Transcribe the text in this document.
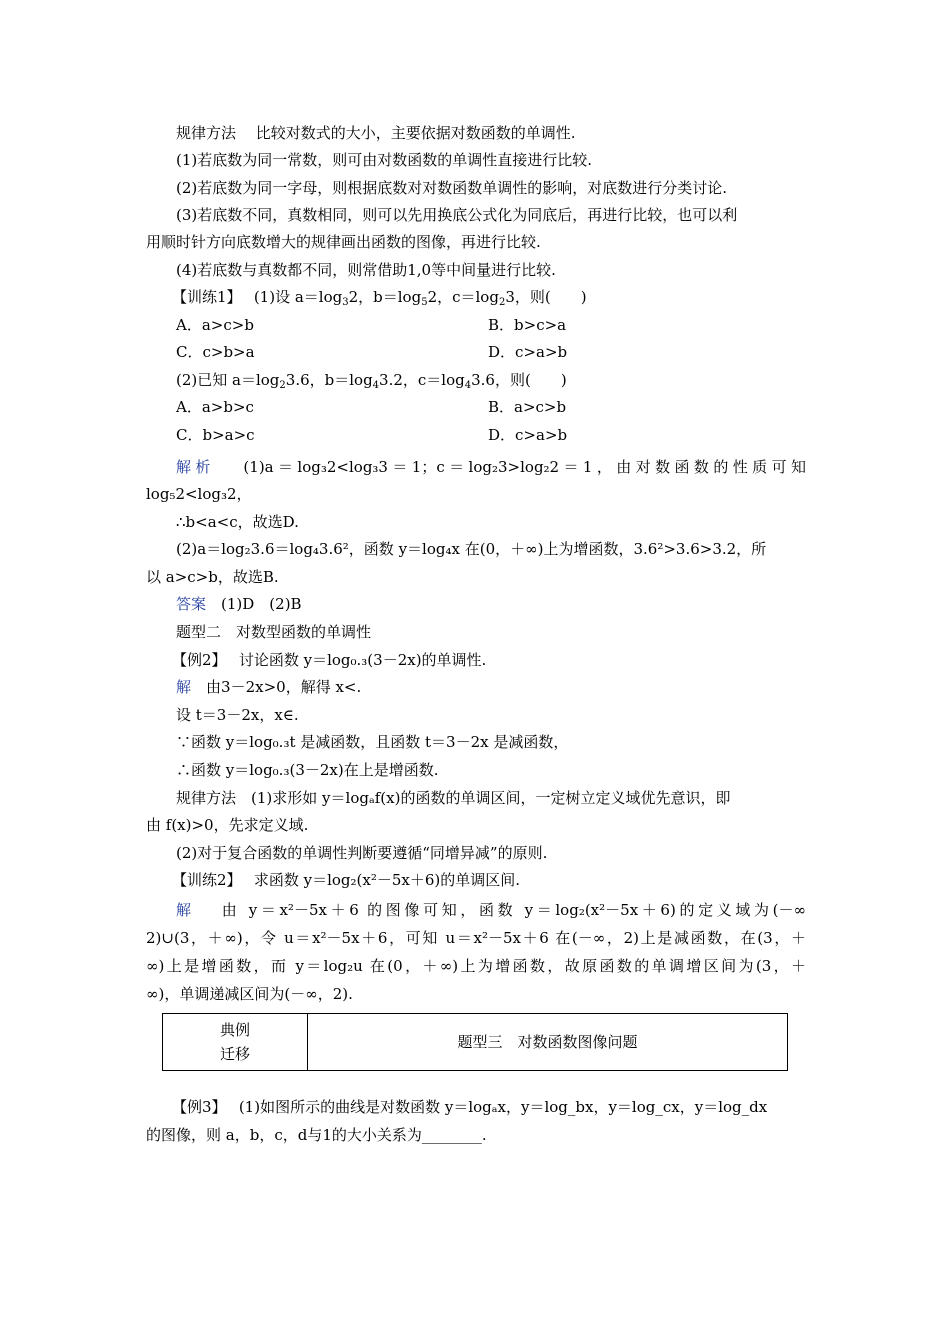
规律方法　 比较对数式的大小，主要依据对数函数的单调性.
(1)若底数为同一常数，则可由对数函数的单调性直接进行比较.
(2)若底数为同一字母，则根据底数对对数函数单调性的影响，对底数进行分类讨论.
(3)若底数不同，真数相同，则可以先用换底公式化为同底后，再进行比较，也可以利
用顺时针方向底数增大的规律画出函数的图像，再进行比较.
(4)若底数与真数都不同，则常借助1,0等中间量进行比较.
【训练1】　 (1)设 $a=\log_32$，$b=\log_52$，$c=\log_23$，则(　　)
A．a>c>b	B．b>c>a
C．c>b>a	D．c>a>b
(2)已知 $a=\log_23.6$，$b=\log_43.2$，$c=\log_43.6$，则(　　)
A．a>b>c	B．a>c>b
C．b>a>c	D．c>a>b
解析　 (1)a＝log₃2<log₃3＝1；c＝log₂3>log₂2＝1，由对数函数的性质可知
log₅2<log₃2，
∴b<a<c，故选D.
(2)a＝log₂3.6＝log₄3.6²，函数 y＝log₄x 在(0，＋∞)上为增函数，3.6²>3.6>3.2，所
以 a>c>b，故选B.
答案　 (1)D　(2)B
题型二　对数型函数的单调性
【例2】　 讨论函数 y＝log₀.₃(3－2x)的单调性.
解　 由3－2x>0，解得 x<.
设 t＝3－2x，x∈.
∵函数 y＝log₀.₃t 是减函数，且函数 t＝3－2x 是减函数，
∴函数 y＝log₀.₃(3－2x)在上是增函数.
规律方法　 (1)求形如 y＝logₐf(x)的函数的单调区间，一定树立定义域优先意识，即
由 f(x)>0，先求定义域.
(2)对于复合函数的单调性判断要遵循“同增异减”的原则.
【训练2】　 求函数 y＝log₂(x²－5x＋6)的单调区间.
解　 由 y＝x²－5x＋6 的图像可知，函数 y＝log₂(x²－5x＋6)的定义域为(－∞
2)∪(3，＋∞)，令 u＝x²－5x＋6，可知 u＝x²－5x＋6 在(－∞，2)上是减函数，在(3，＋
∞)上是增函数，而 y＝log₂u 在(0，＋∞)上为增函数，故原函数的单调增区间为(3，＋
∞)，单调递减区间为(－∞，2).
典例
迁移
	题型三　对数函数图像问题
【例3】　 (1)如图所示的曲线是对数函数 y＝logₐx，y＝log_bx，y＝log_cx，y＝log_dx
的图像，则 a，b，c，d与1的大小关系为________.
